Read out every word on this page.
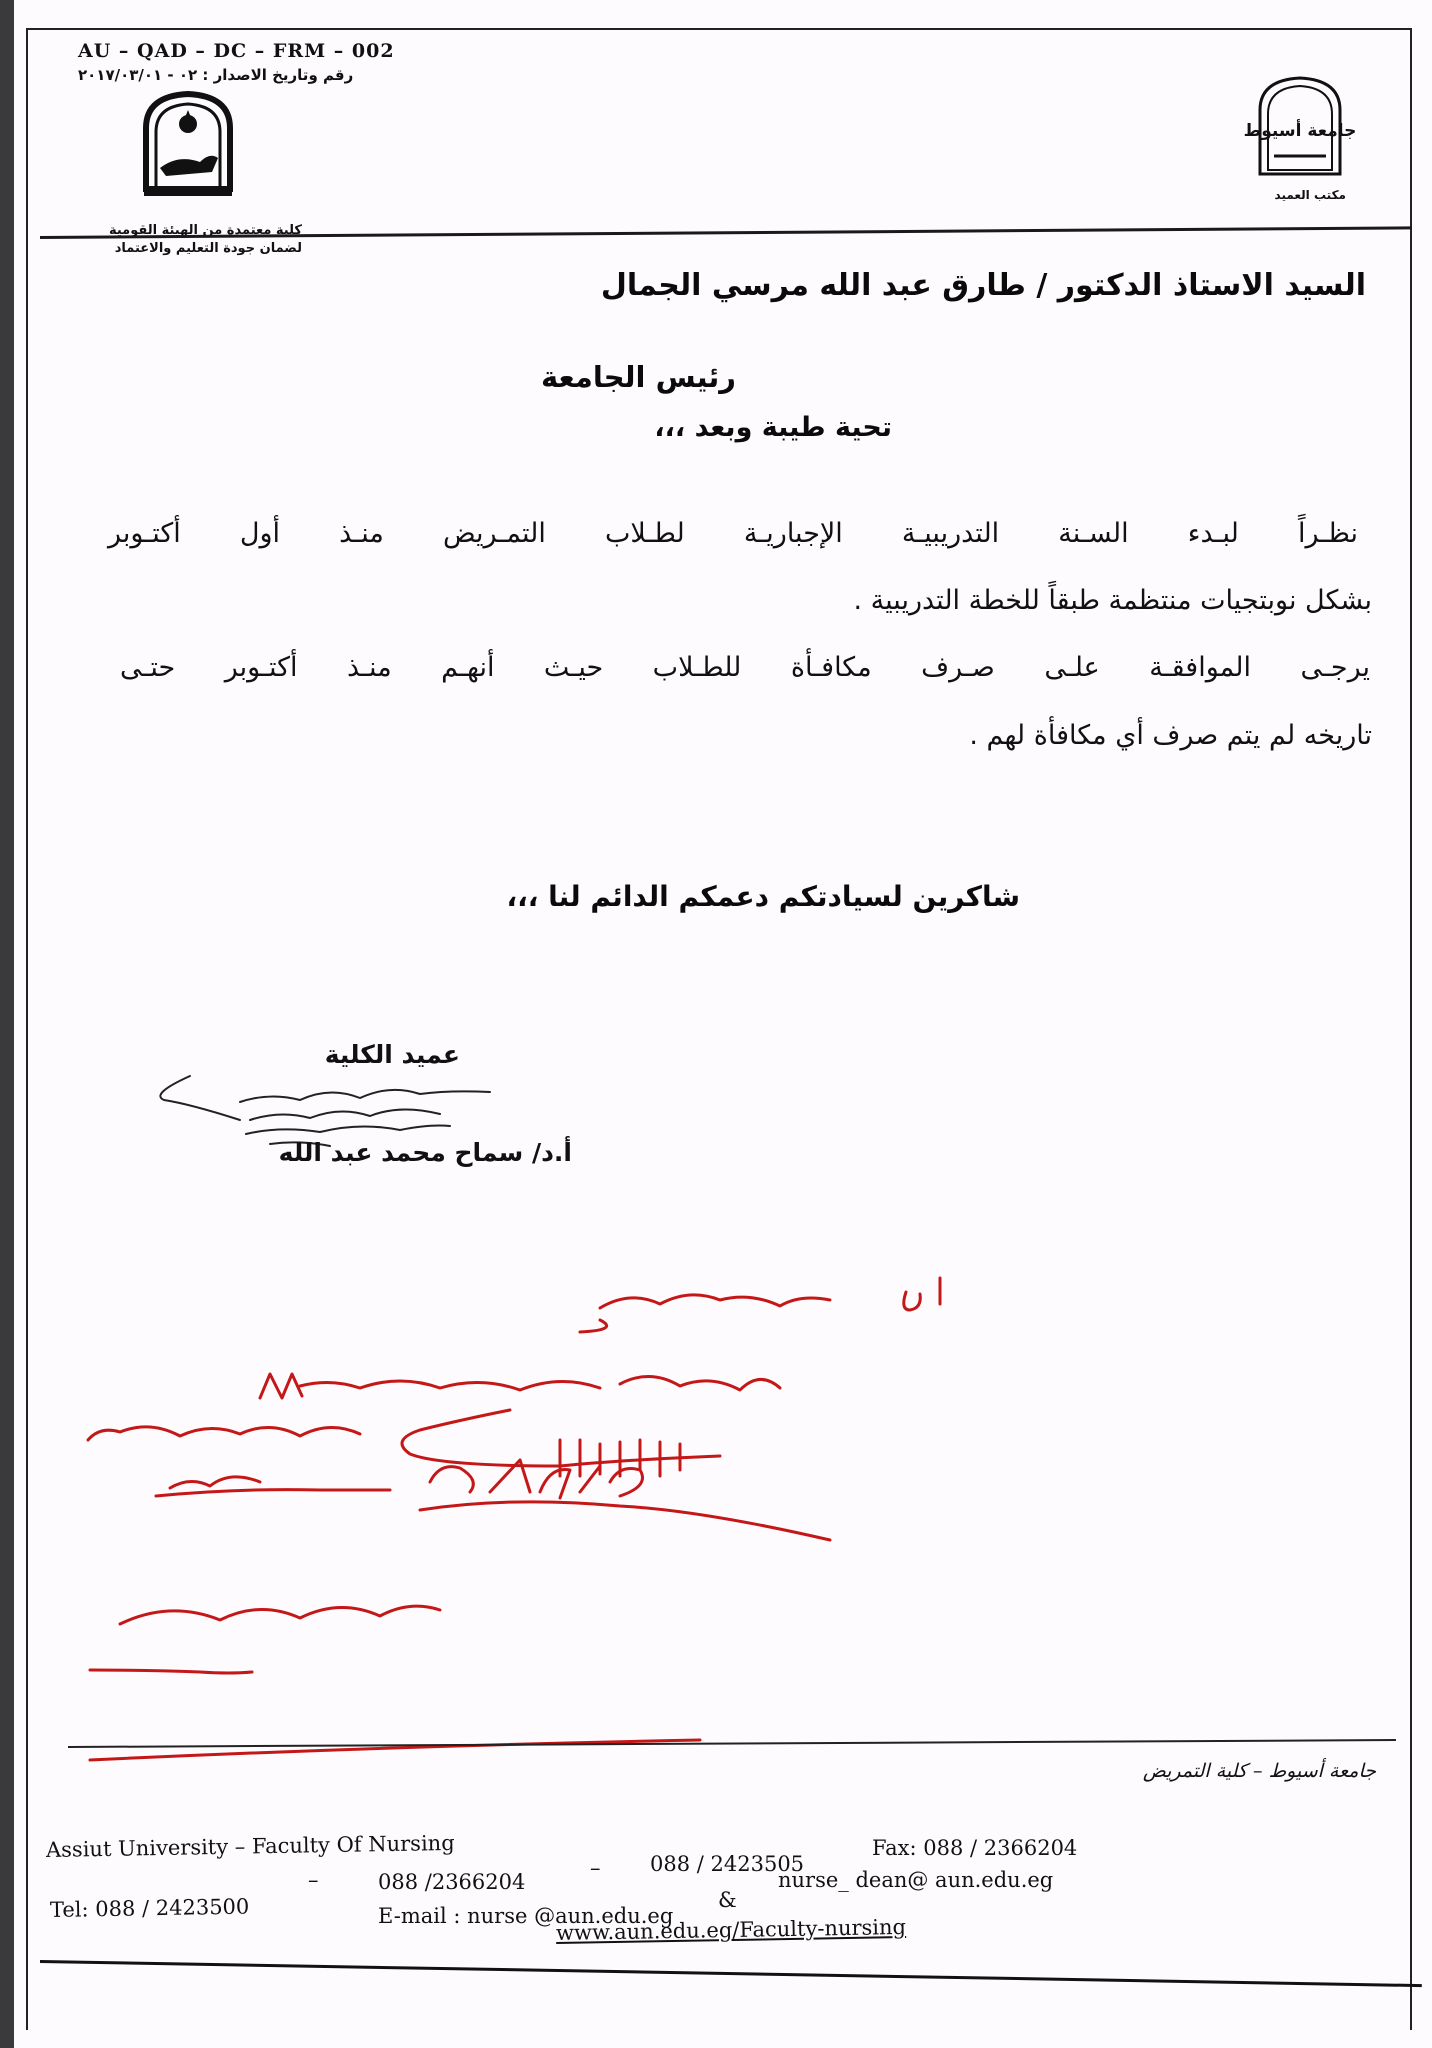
AU – QAD – DC – FRM – 002
رقم وتاريخ الاصدار : ٠٢ - ٢٠١٧/٠٣/٠١
كلية معتمدة من الهيئة القومية لضمان جودة التعليم والاعتماد
جامعة أسيوط
مكتب العميد
السيد الاستاذ الدكتور / طارق عبد الله مرسي الجمال
رئيس الجامعة
تحية طيبة وبعد ،،،
نظـراً لبـدء السـنة التدريبيـة الإجباريـة لطـلاب التمـريض منـذ أول أكتـوبر
بشكل نوبتجيات منتظمة طبقاً للخطة التدريبية .
يرجـى الموافقـة علـى صـرف مكافـأة للطـلاب حيـث أنهـم منـذ أكتـوبر حتـى
تاريخه لم يتم صرف أي مكافأة لهم .
شاكرين لسيادتكم دعمكم الدائم لنا ،،،
عميد الكلية
أ.د/ سماح محمد عبد الله
جامعة أسيوط – كلية التمريض
Assiut University – Faculty Of Nursing
Tel: 088 / 2423500
–	088 /2366204
– 088 / 2423505
Fax: 088 / 2366204
E-mail : nurse @aun.edu.eg
&
nurse_ dean@ aun.edu.eg
www.aun.edu.eg/Faculty-nursing
